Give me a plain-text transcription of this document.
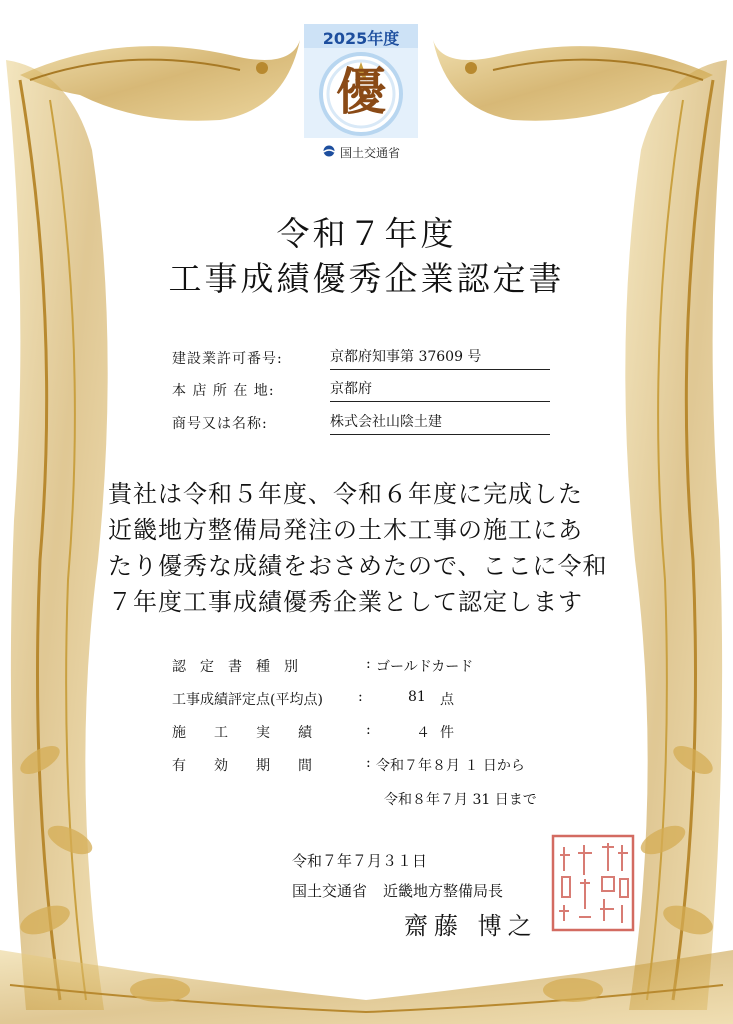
2025年度
優
国土交通省
令和７年度
工事成績優秀企業認定書
建設業許可番号:	京都府知事第 37609 号
本 店 所 在 地:	京都府
商号又は名称:	株式会社山陰土建
貴社は令和５年度、令和６年度に完成した
近畿地方整備局発注の土木工事の施工にあ
たり優秀な成績をおさめたので、ここに令和
７年度工事成績優秀企業として認定します
認　定　書　種　別	: ゴールドカード
工事成績評定点(平均点)	:	81 点
施　　工　　実　　績	:	４ 件
有　　効　　期　　間	: 令和７年８月 １ 日から
令和８年７月 31 日まで
令和７年７月３１日
国土交通省 近畿地方整備局長
齋藤 博之
